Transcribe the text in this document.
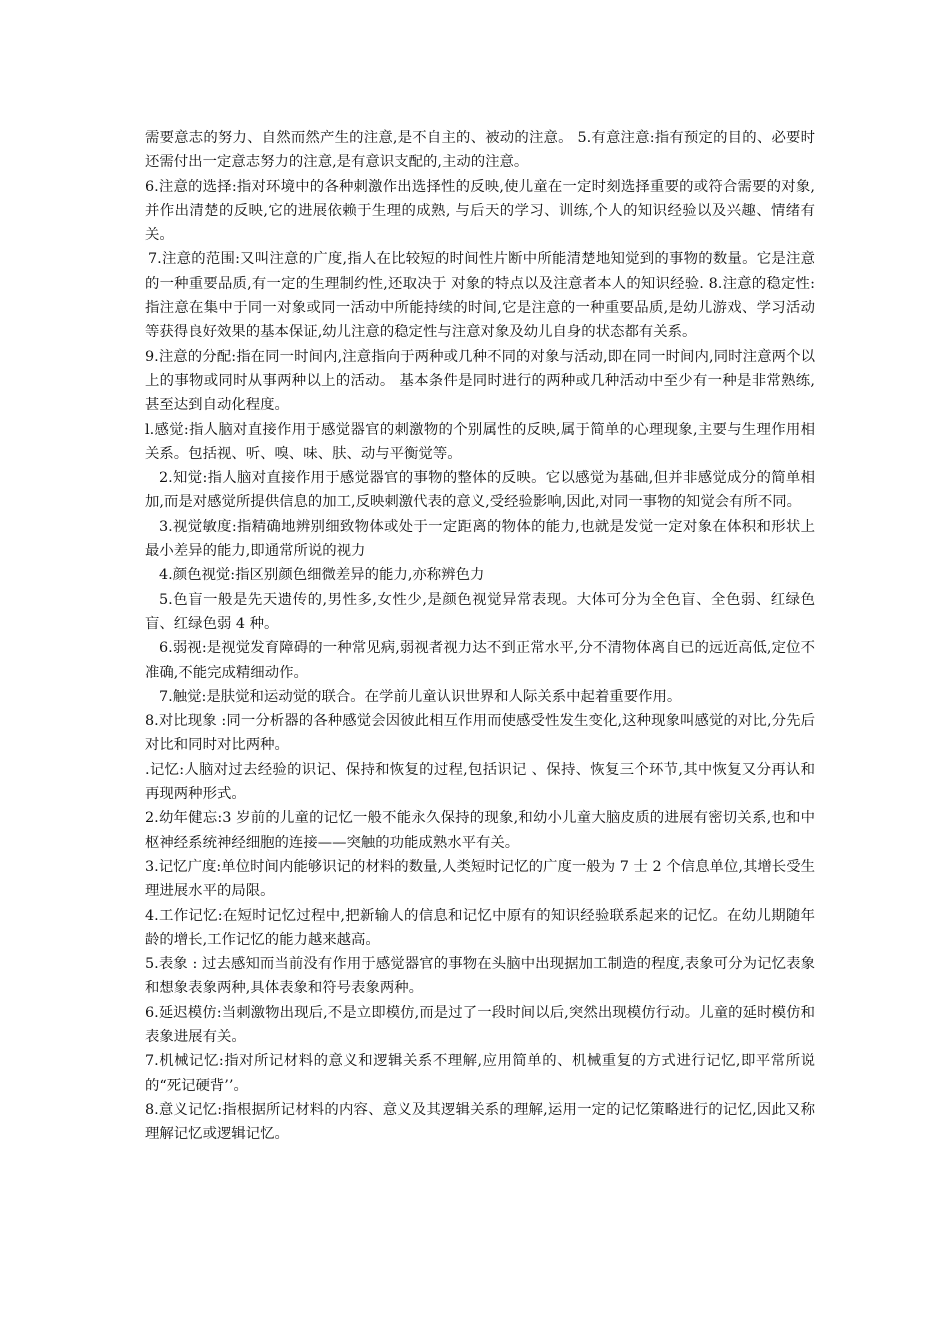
需要意志的努力、自然而然产生的注意,是不自主的、被动的注意。 5.有意注意:指有预定的目的、必要时还需付出一定意志努力的注意,是有意识支配的,主动的注意。

6.注意的选择:指对环境中的各种刺激作出选择性的反映,使儿童在一定时刻选择重要的或符合需要的对象,并作出清楚的反映,它的进展依赖于生理的成熟, 与后天的学习、训练,个人的知识经验以及兴趣、情绪有关。

7.注意的范围:又叫注意的广度,指人在比较短的时间性片断中所能清楚地知觉到的事物的数量。它是注意的一种重要品质,有一定的生理制约性,还取决于 对象的特点以及注意者本人的知识经验. 8.注意的稳定性:指注意在集中于同一对象或同一活动中所能持续的时间,它是注意的一种重要品质,是幼儿游戏、学习活动等获得良好效果的基本保证,幼儿注意的稳定性与注意对象及幼儿自身的状态都有关系。

9.注意的分配:指在同一时间内,注意指向于两种或几种不同的对象与活动,即在同一时间内,同时注意两个以上的事物或同时从事两种以上的活动。 基本条件是同时进行的两种或几种活动中至少有一种是非常熟练,甚至达到自动化程度。

l.感觉:指人脑对直接作用于感觉器官的刺激物的个别属性的反映,属于简单的心理现象,主要与生理作用相关系。包括视、听、嗅、味、肤、动与平衡觉等。

2.知觉:指人脑对直接作用于感觉器官的事物的整体的反映。它以感觉为基础,但并非感觉成分的简单相加,而是对感觉所提供信息的加工,反映刺激代表的意义,受经验影响,因此,对同一事物的知觉会有所不同。

3.视觉敏度:指精确地辨别细致物体或处于一定距离的物体的能力,也就是发觉一定对象在体积和形状上最小差异的能力,即通常所说的视力

4.颜色视觉:指区别颜色细微差异的能力,亦称辨色力

5.色盲一般是先天遗传的,男性多,女性少,是颜色视觉异常表现。大体可分为全色盲、全色弱、红绿色盲、红绿色弱 4 种。

6.弱视:是视觉发育障碍的一种常见病,弱视者视力达不到正常水平,分不清物体离自已的远近高低,定位不准确,不能完成精细动作。

7.触觉:是肤觉和运动觉的联合。在学前儿童认识世界和人际关系中起着重要作用。

8.对比现象 :同一分析器的各种感觉会因彼此相互作用而使感受性发生变化,这种现象叫感觉的对比,分先后对比和同时对比两种。

.记忆:人脑对过去经验的识记、保持和恢复的过程,包括识记 、保持、恢复三个环节,其中恢复又分再认和再现两种形式。

2.幼年健忘:3 岁前的儿童的记忆一般不能永久保持的现象,和幼小儿童大脑皮质的进展有密切关系,也和中枢神经系统神经细胞的连接——突触的功能成熟水平有关。

3.记忆广度:单位时间内能够识记的材料的数量,人类短时记忆的广度一般为 7 士 2 个信息单位,其增长受生理进展水平的局限。

4.工作记忆:在短时记忆过程中,把新输人的信息和记忆中原有的知识经验联系起来的记忆。在幼儿期随年龄的增长,工作记忆的能力越来越高。

5.表象 : 过去感知而当前没有作用于感觉器官的事物在头脑中出现据加工制造的程度,表象可分为记忆表象和想象表象两种,具体表象和符号表象两种。

6.延迟模仿:当刺激物出现后,不是立即模仿,而是过了一段时间以后,突然出现模仿行动。儿童的延时模仿和表象进展有关。

7.机械记忆:指对所记材料的意义和逻辑关系不理解,应用简单的、机械重复的方式进行记忆,即平常所说的“死记硬背’’。

8.意义记忆:指根据所记材料的内容、意义及其逻辑关系的理解,运用一定的记忆策略进行的记忆,因此又称理解记忆或逻辑记忆。
